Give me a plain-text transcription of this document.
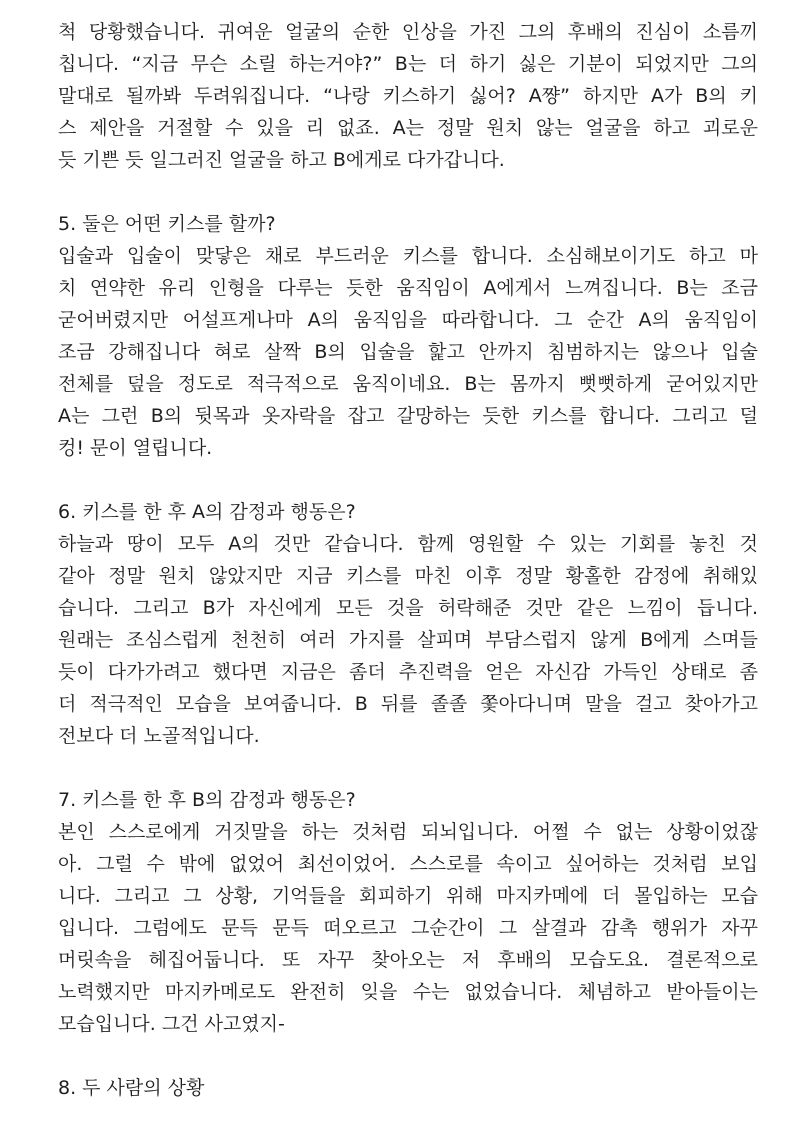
척 당황했습니다. 귀여운 얼굴의 순한 인상을 가진 그의 후배의 진심이 소름끼
칩니다. “지금 무슨 소릴 하는거야?” B는 더 하기 싫은 기분이 되었지만 그의
말대로 될까봐 두려워집니다. “나랑 키스하기 싫어? A쨩” 하지만 A가 B의 키
스 제안을 거절할 수 있을 리 없죠. A는 정말 원치 않는 얼굴을 하고 괴로운
듯 기쁜 듯 일그러진 얼굴을 하고 B에게로 다가갑니다.
5. 둘은 어떤 키스를 할까?
입술과 입술이 맞닿은 채로 부드러운 키스를 합니다. 소심해보이기도 하고 마
치 연약한 유리 인형을 다루는 듯한 움직임이 A에게서 느껴집니다. B는 조금
굳어버렸지만 어설프게나마 A의 움직임을 따라합니다. 그 순간 A의 움직임이
조금 강해집니다 혀로 살짝 B의 입술을 핥고 안까지 침범하지는 않으나 입술
전체를 덮을 정도로 적극적으로 움직이네요. B는 몸까지 뻣뻣하게 굳어있지만
A는 그런 B의 뒷목과 옷자락을 잡고 갈망하는 듯한 키스를 합니다. 그리고 덜
컹! 문이 열립니다.
6. 키스를 한 후 A의 감정과 행동은?
하늘과 땅이 모두 A의 것만 같습니다. 함께 영원할 수 있는 기회를 놓친 것
같아 정말 원치 않았지만 지금 키스를 마친 이후 정말 황홀한 감정에 취해있
습니다. 그리고 B가 자신에게 모든 것을 허락해준 것만 같은 느낌이 듭니다.
원래는 조심스럽게 천천히 여러 가지를 살피며 부담스럽지 않게 B에게 스며들
듯이 다가가려고 했다면 지금은 좀더 추진력을 얻은 자신감 가득인 상태로 좀
더 적극적인 모습을 보여줍니다. B 뒤를 졸졸 쫓아다니며 말을 걸고 찾아가고
전보다 더 노골적입니다.
7. 키스를 한 후 B의 감정과 행동은?
본인 스스로에게 거짓말을 하는 것처럼 되뇌입니다. 어쩔 수 없는 상황이었잖
아. 그럴 수 밖에 없었어 최선이었어. 스스로를 속이고 싶어하는 것처럼 보입
니다. 그리고 그 상황, 기억들을 회피하기 위해 마지카메에 더 몰입하는 모습
입니다. 그럼에도 문득 문득 떠오르고 그순간이 그 살결과 감촉 행위가 자꾸
머릿속을 헤집어둡니다. 또 자꾸 찾아오는 저 후배의 모습도요. 결론적으로
노력했지만 마지카메로도 완전히 잊을 수는 없었습니다. 체념하고 받아들이는
모습입니다. 그건 사고였지-
8. 두 사람의 상황
